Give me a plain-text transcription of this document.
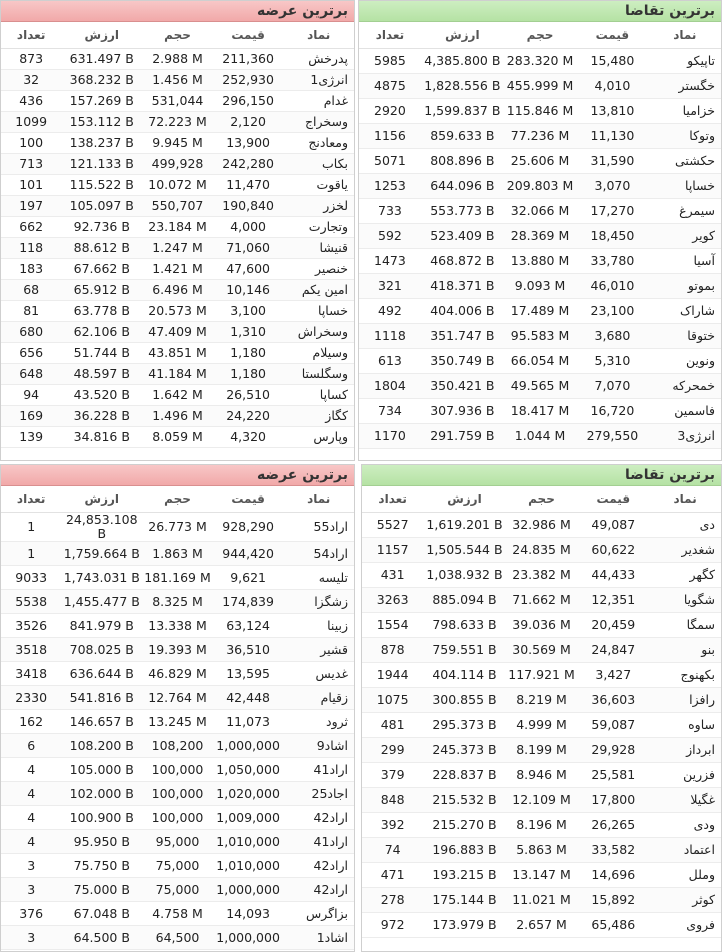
برترین تقاضا
نماد	قیمت	حجم	ارزش	تعداد
تاپیکو	15,480	283.320 M	4,385.800 B	5985
خگستر	4,010	455.999 M	1,828.556 B	4875
خزامیا	13,810	115.846 M	1,599.837 B	2920
وتوکا	11,130	77.236 M	859.633 B	1156
حکشتی	31,590	25.606 M	808.896 B	5071
خساپا	3,070	209.803 M	644.096 B	1253
سیمرغ	17,270	32.066 M	553.773 B	733
کویر	18,450	28.369 M	523.409 B	592
آسیا	33,780	13.880 M	468.872 B	1473
بموتو	46,010	9.093 M	418.371 B	321
شاراک	23,100	17.489 M	404.006 B	492
ختوقا	3,680	95.583 M	351.747 B	1118
ونوین	5,310	66.054 M	350.749 B	613
خمحرکه	7,070	49.565 M	350.421 B	1804
فاسمین	16,720	18.417 M	307.936 B	734
انرژی3	279,550	1.044 M	291.759 B	1170
برترین عرضه
نماد	قیمت	حجم	ارزش	تعداد
پدرخش	211,360	2.988 M	631.497 B	873
انرژی1	252,930	1.456 M	368.232 B	32
غدام	296,150	531,044	157.269 B	436
وسخراج	2,120	72.223 M	153.112 B	1099
ومعادنج	13,900	9.945 M	138.237 B	100
بکاب	242,280	499,928	121.133 B	713
یاقوت	11,470	10.072 M	115.522 B	101
لخزر	190,840	550,707	105.097 B	197
وتجارت	4,000	23.184 M	92.736 B	662
قنیشا	71,060	1.247 M	88.612 B	118
خنصیر	47,600	1.421 M	67.662 B	183
امین یکم	10,146	6.496 M	65.912 B	68
خساپا	3,100	20.573 M	63.778 B	81
وسخراش	1,310	47.409 M	62.106 B	680
وسیلام	1,180	43.851 M	51.744 B	656
وسگلستا	1,180	41.184 M	48.597 B	648
کساپا	26,510	1.642 M	43.520 B	94
کگاز	24,220	1.496 M	36.228 B	169
وپارس	4,320	8.059 M	34.816 B	139
برترین تقاضا
نماد	قیمت	حجم	ارزش	تعداد
دی	49,087	32.986 M	1,619.201 B	5527
شغدیر	60,622	24.835 M	1,505.544 B	1157
کگهر	44,433	23.382 M	1,038.932 B	431
شگویا	12,351	71.662 M	885.094 B	3263
سمگا	20,459	39.036 M	798.633 B	1554
بنو	24,847	30.569 M	759.551 B	878
بکهنوج	3,427	117.921 M	404.114 B	1944
رافزا	36,603	8.219 M	300.855 B	1075
ساوه	59,087	4.999 M	295.373 B	481
ابرداز	29,928	8.199 M	245.373 B	299
فزرین	25,581	8.946 M	228.837 B	379
غگیلا	17,800	12.109 M	215.532 B	848
ودی	26,265	8.196 M	215.270 B	392
اعتماد	33,582	5.863 M	196.883 B	74
وملل	14,696	13.147 M	193.215 B	471
کوثر	15,892	11.021 M	175.144 B	278
فروی	65,486	2.657 M	173.979 B	972
برترین عرضه
نماد	قیمت	حجم	ارزش	تعداد
اراد55	928,290	26.773 M	24,853.108 B	1
اراد54	944,420	1.863 M	1,759.664 B	1
تلیسه	9,621	181.169 M	1,743.031 B	9033
زشگزا	174,839	8.325 M	1,455.477 B	5538
زبینا	63,124	13.338 M	841.979 B	3526
قشیر	36,510	19.393 M	708.025 B	3518
غدیس	13,595	46.829 M	636.644 B	3418
زقیام	42,448	12.764 M	541.816 B	2330
ثرود	11,073	13.245 M	146.657 B	162
اشاد9	1,000,000	108,200	108.200 B	6
اراد41	1,050,000	100,000	105.000 B	4
اجاد25	1,020,000	100,000	102.000 B	4
اراد42	1,009,000	100,000	100.900 B	4
اراد41	1,010,000	95,000	95.950 B	4
اراد42	1,010,000	75,000	75.750 B	3
اراد42	1,000,000	75,000	75.000 B	3
بزاگرس	14,093	4.758 M	67.048 B	376
اشاد1	1,000,000	64,500	64.500 B	3
